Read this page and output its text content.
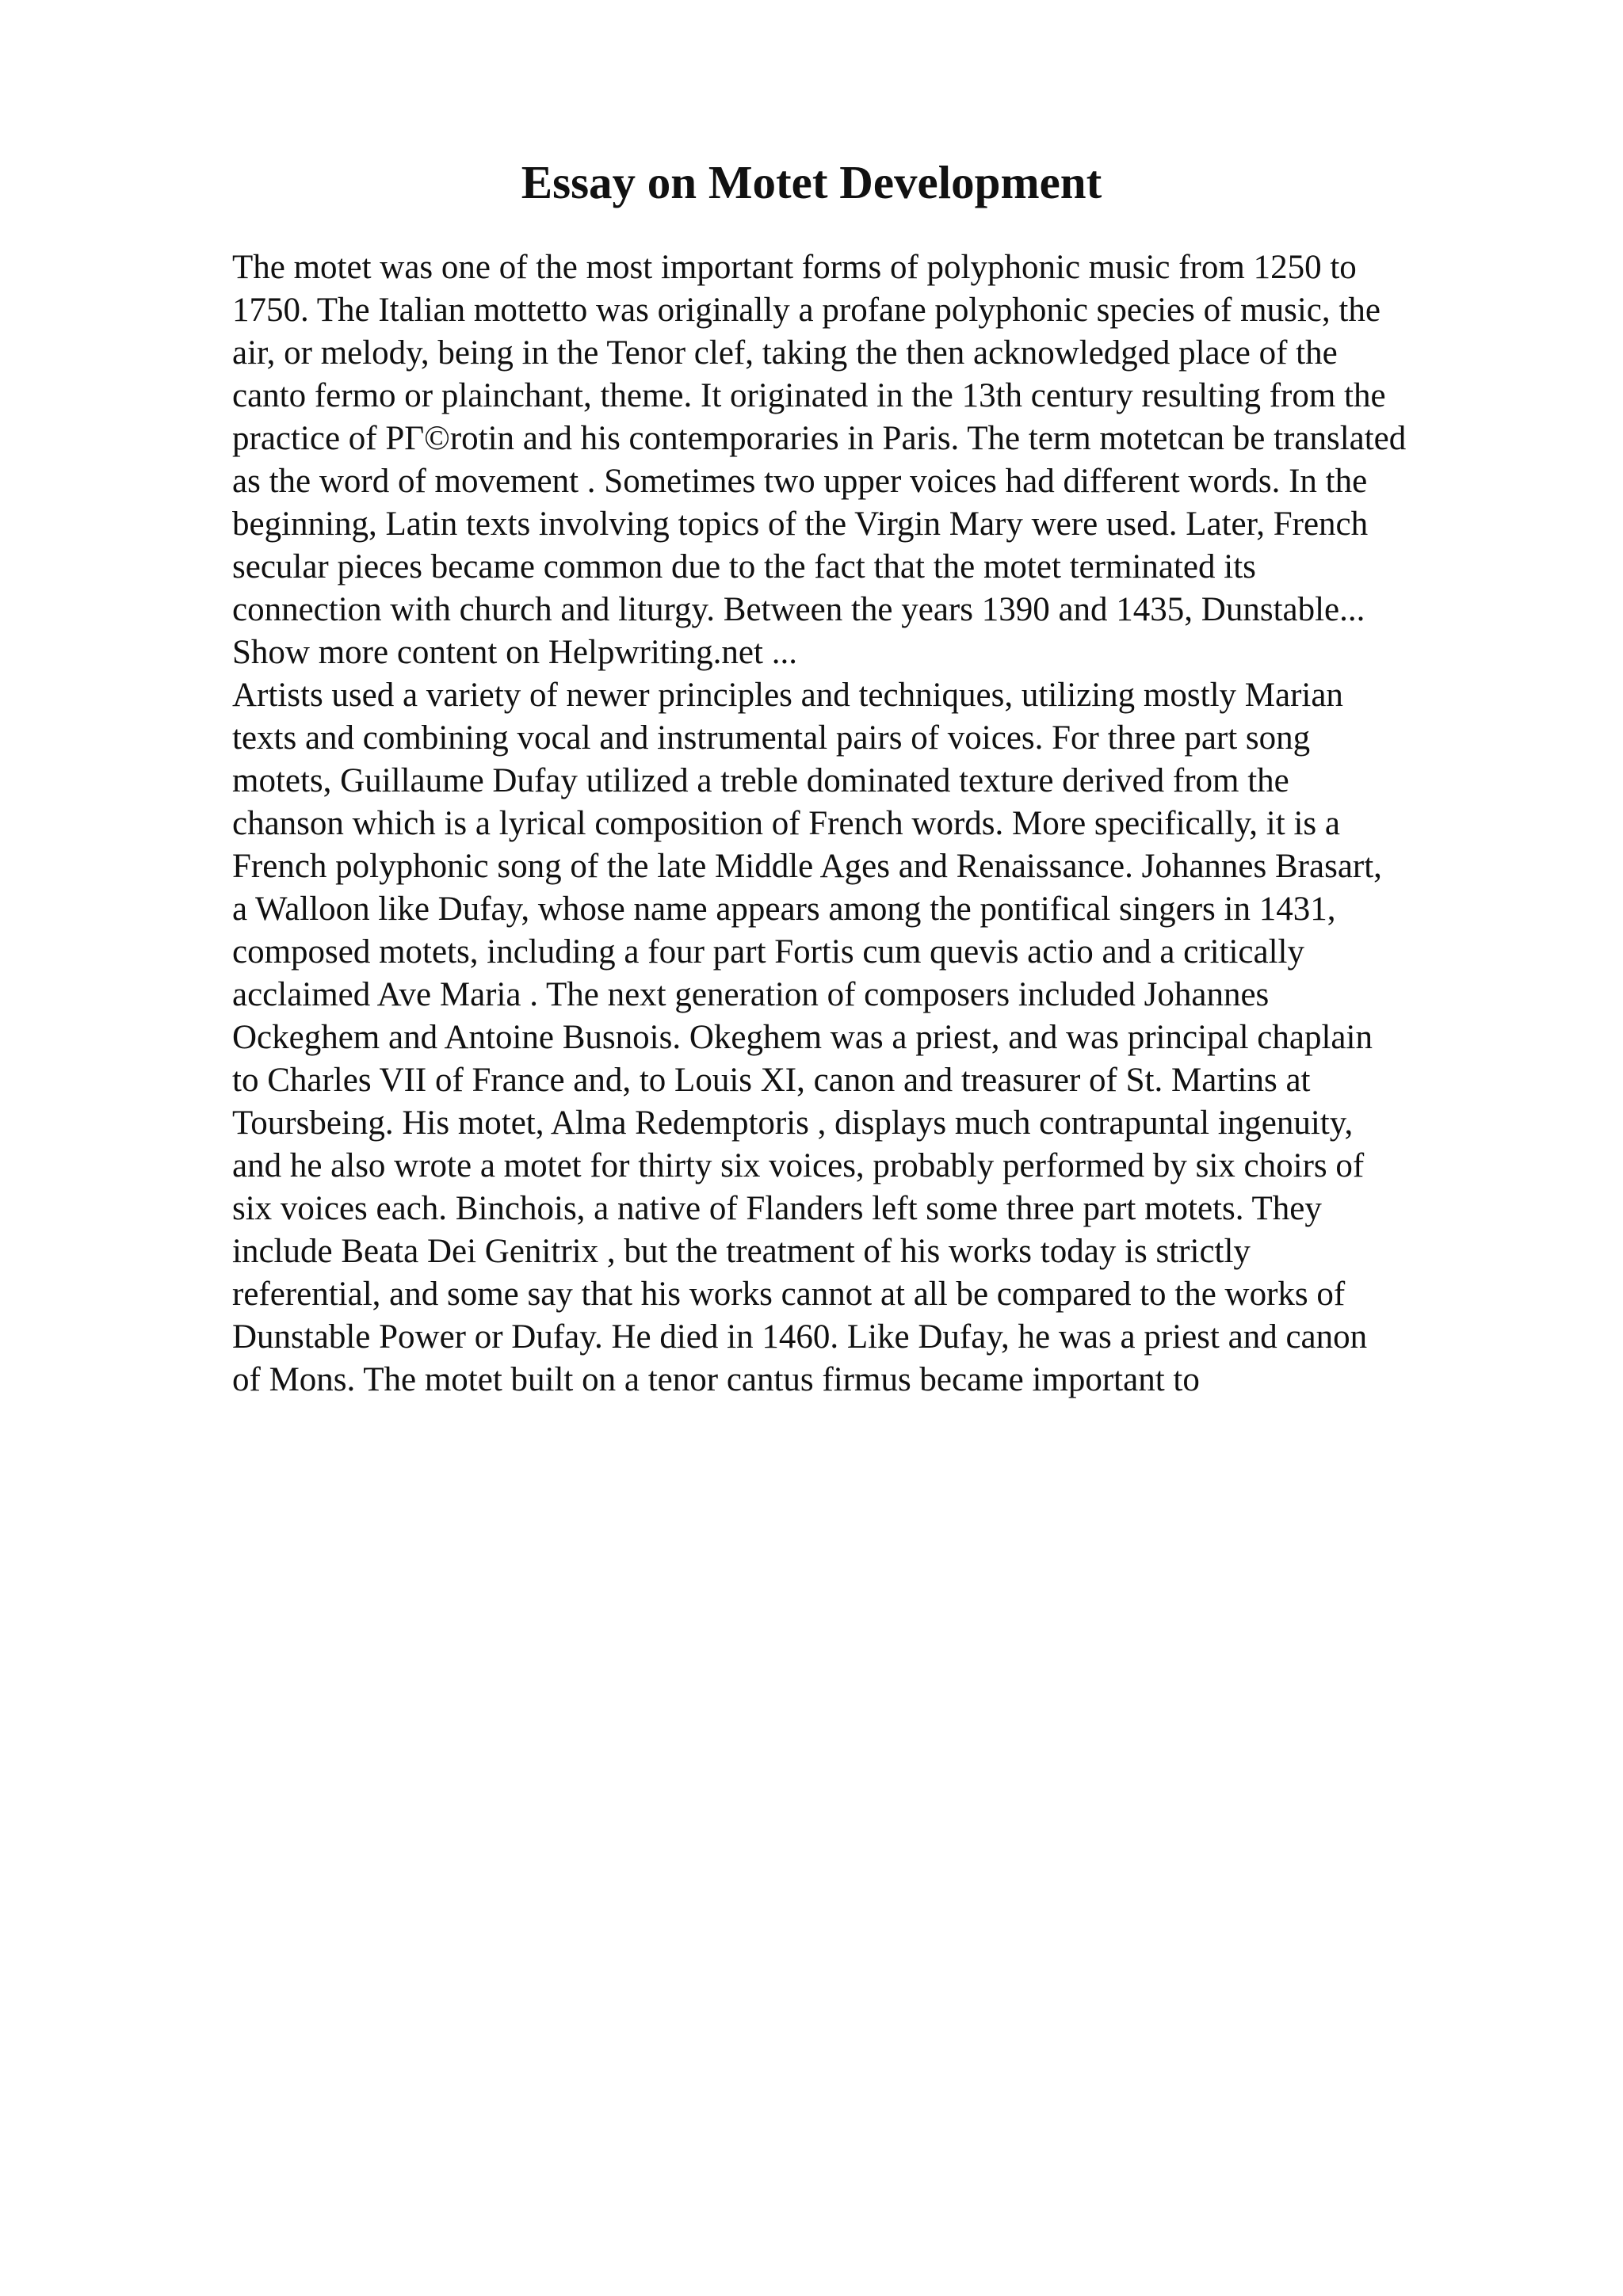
Essay on Motet Development
The motet was one of the most important forms of polyphonic music from 1250 to
1750. The Italian mottetto was originally a profane polyphonic species of music, the
air, or melody, being in the Tenor clef, taking the then acknowledged place of the
canto fermo or plainchant, theme. It originated in the 13th century resulting from the
practice of PΓ©rotin and his contemporaries in Paris. The term motetcan be translated
as the word of movement . Sometimes two upper voices had different words. In the
beginning, Latin texts involving topics of the Virgin Mary were used. Later, French
secular pieces became common due to the fact that the motet terminated its
connection with church and liturgy. Between the years 1390 and 1435, Dunstable...
Show more content on Helpwriting.net ...
Artists used a variety of newer principles and techniques, utilizing mostly Marian
texts and combining vocal and instrumental pairs of voices. For three part song
motets, Guillaume Dufay utilized a treble dominated texture derived from the
chanson which is a lyrical composition of French words. More specifically, it is a
French polyphonic song of the late Middle Ages and Renaissance. Johannes Brasart,
a Walloon like Dufay, whose name appears among the pontifical singers in 1431,
composed motets, including a four part Fortis cum quevis actio and a critically
acclaimed Ave Maria . The next generation of composers included Johannes
Ockeghem and Antoine Busnois. Okeghem was a priest, and was principal chaplain
to Charles VII of France and, to Louis XI, canon and treasurer of St. Martins at
Toursbeing. His motet, Alma Redemptoris , displays much contrapuntal ingenuity,
and he also wrote a motet for thirty six voices, probably performed by six choirs of
six voices each. Binchois, a native of Flanders left some three part motets. They
include Beata Dei Genitrix , but the treatment of his works today is strictly
referential, and some say that his works cannot at all be compared to the works of
Dunstable Power or Dufay. He died in 1460. Like Dufay, he was a priest and canon
of Mons. The motet built on a tenor cantus firmus became important to
